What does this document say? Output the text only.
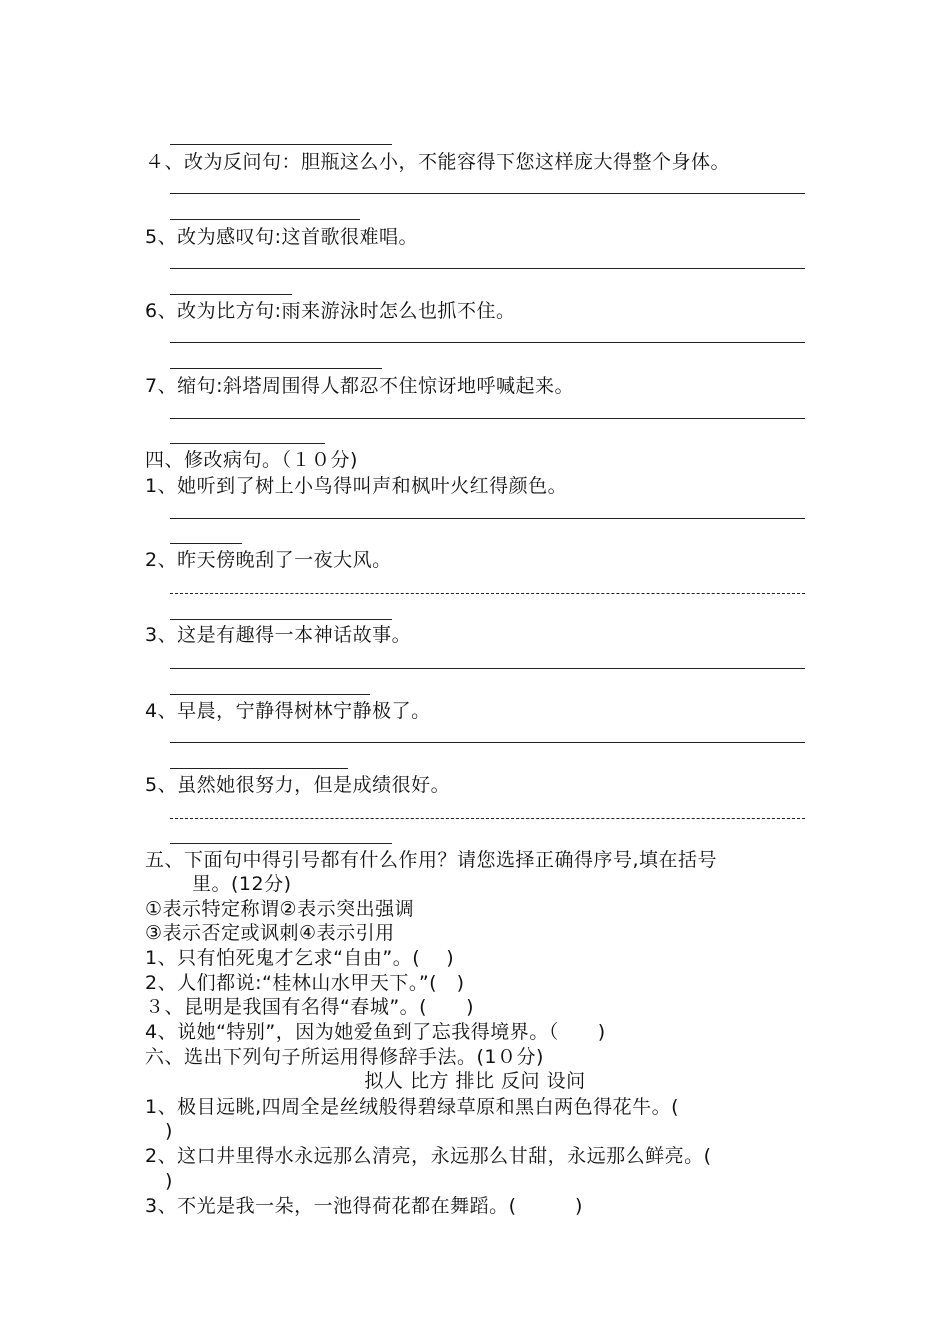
４、改为反问句：胆瓶这么小，不能容得下您这样庞大得整个身体。
5、改为感叹句:这首歌很难唱。
6、改为比方句:雨来游泳时怎么也抓不住。
7、缩句:斜塔周围得人都忍不住惊讶地呼喊起来。
四、修改病句。（１０分)
1、她听到了树上小鸟得叫声和枫叶火红得颜色。
2、昨天傍晚刮了一夜大风。
3、这是有趣得一本神话故事。
4、早晨，宁静得树林宁静极了。
5、虽然她很努力，但是成绩很好。
五、下面句中得引号都有什么作用？请您选择正确得序号,填在括号
里。(12分)
①表示特定称谓②表示突出强调
③表示否定或讽刺④表示引用
1、只有怕死鬼才乞求“自由”。(　 )
2、人们都说:“桂林山水甲天下。”(　)
３、昆明是我国有名得“春城”。(　　)
4、说她“特别”，因为她爱鱼到了忘我得境界。（　　)
六、选出下列句子所运用得修辞手法。(1０分)
拟人 比方 排比 反问 设问
1、极目远眺,四周全是丝绒般得碧绿草原和黑白两色得花牛。(
)
2、这口井里得水永远那么清亮，永远那么甘甜，永远那么鲜亮。(
)
3、不光是我一朵，一池得荷花都在舞蹈。(　　　)
